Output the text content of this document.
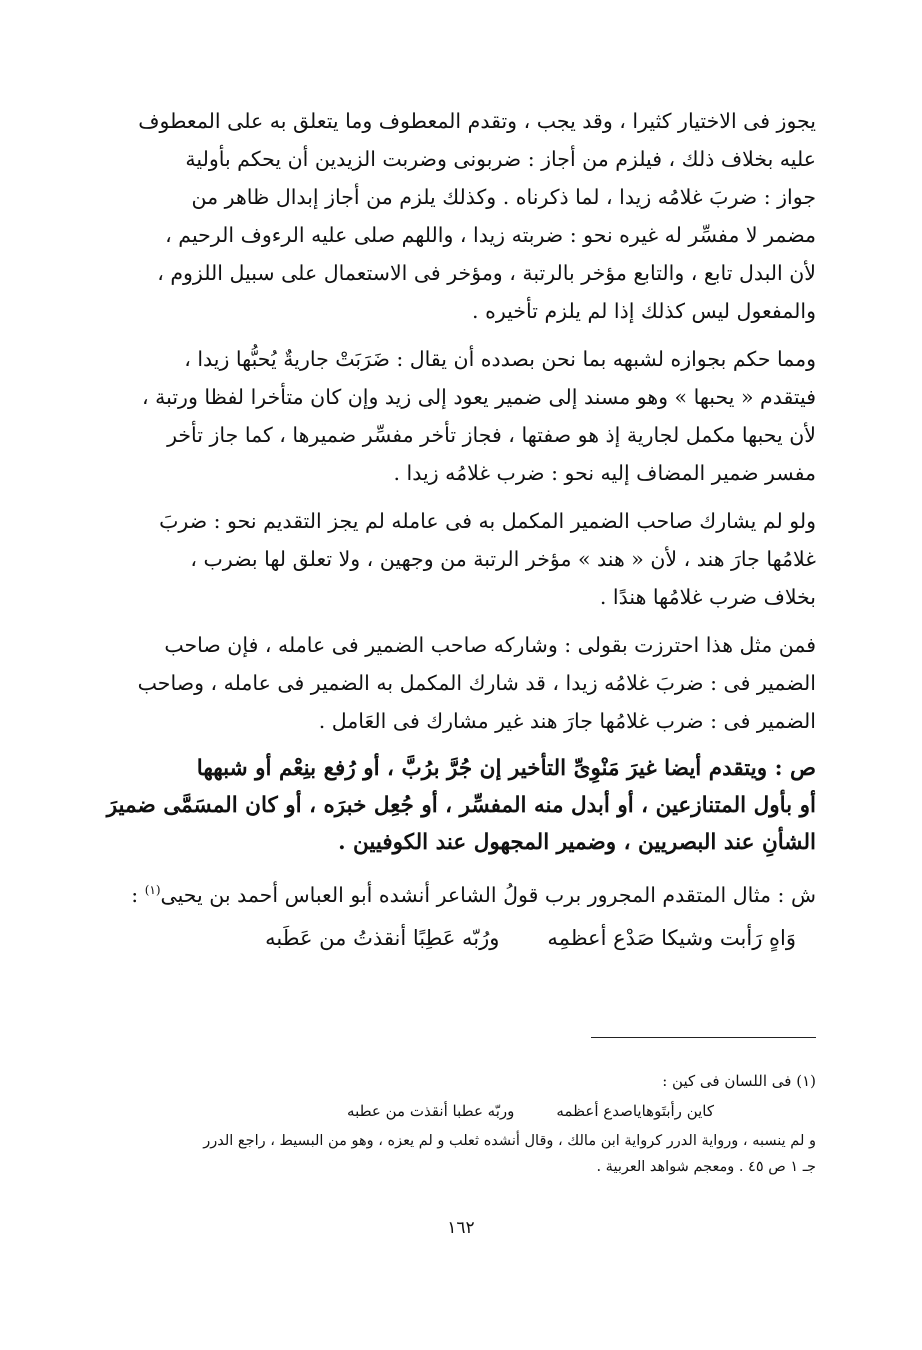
يجوز فى الاختيار كثيرا ، وقد يجب ، وتقدم المعطوف وما يتعلق به على المعطوف
عليه بخلاف ذلك ، فيلزم من أجاز : ضربونى وضربت الزيدين أن يحكم بأولية
جواز : ضربَ غلامُه زيدا ، لما ذكرناه . وكذلك يلزم من أجاز إبدال ظاهر من
مضمر لا مفسِّر له غيره نحو : ضربته زيدا ، واللهم صلى عليه الرءوف الرحيم ،
لأن البدل تابع ، والتابع مؤخر بالرتبة ، ومؤخر فى الاستعمال على سبيل اللزوم ،
والمفعول ليس كذلك إذا لم يلزم تأخيره .

ومما حكم بجوازه لشبهه بما نحن بصدده أن يقال : ضَرَبَتْ جاريةٌ يُحبُّها زيدا ،
فيتقدم « يحبها » وهو مسند إلى ضمير يعود إلى زيد وإن كان متأخرا لفظا ورتبة ،
لأن يحبها مكمل لجارية إذ هو صفتها ، فجاز تأخر مفسِّر ضميرها ، كما جاز تأخر
مفسر ضمير المضاف إليه نحو : ضرب غلامُه زيدا .

ولو لم يشارك صاحب الضمير المكمل به فى عامله لم يجز التقديم نحو : ضربَ
غلامُها جارَ هند ، لأن « هند » مؤخر الرتبة من وجهين ، ولا تعلق لها بضرب ،
بخلاف ضرب غلامُها هندًا .

فمن مثل هذا احترزت بقولى : وشاركه صاحب الضمير فى عامله ، فإن صاحب
الضمير فى : ضربَ غلامُه زيدا ، قد شارك المكمل به الضمير فى عامله ، وصاحب
الضمير فى : ضرب غلامُها جارَ هند غير مشارك فى العَامل .

ص : ويتقدم أيضا غيرَ مَنْوِىِّ التأخير إن جُرَّ برُبَّ ، أو رُفع بنِعْم أو شبهها
أو بأول المتنازعين ، أو أبدل منه المفسِّر ، أو جُعِل خبرَه ، أو كان المسَمَّى ضميرَ
الشأنِ عند البصريين ، وضمير المجهول عند الكوفيين .

ش : مثال المتقدم المجرور برب قولُ الشاعر أنشده أبو العباس أحمد بن يحيى$^{(١)}$ :

وَاهٍ رَأبت وشيكا صَدْع أعظمِه
ورُبّه عَطِبًا أنقذتُ من عَطَبه

(١) فى اللسان فى كين :

كاين رأبتَوهاياصدع أعظمه
وربّه عطبا أنقذت من عطبه

و لم ينسبه ، ورواية الدرر كرواية ابن مالك ، وقال أنشده ثعلب و لم يعزه ، وهو من البسيط ، راجع الدرر
جـ ١ ص ٤٥ . ومعجم شواهد العربية .

١٦٢
